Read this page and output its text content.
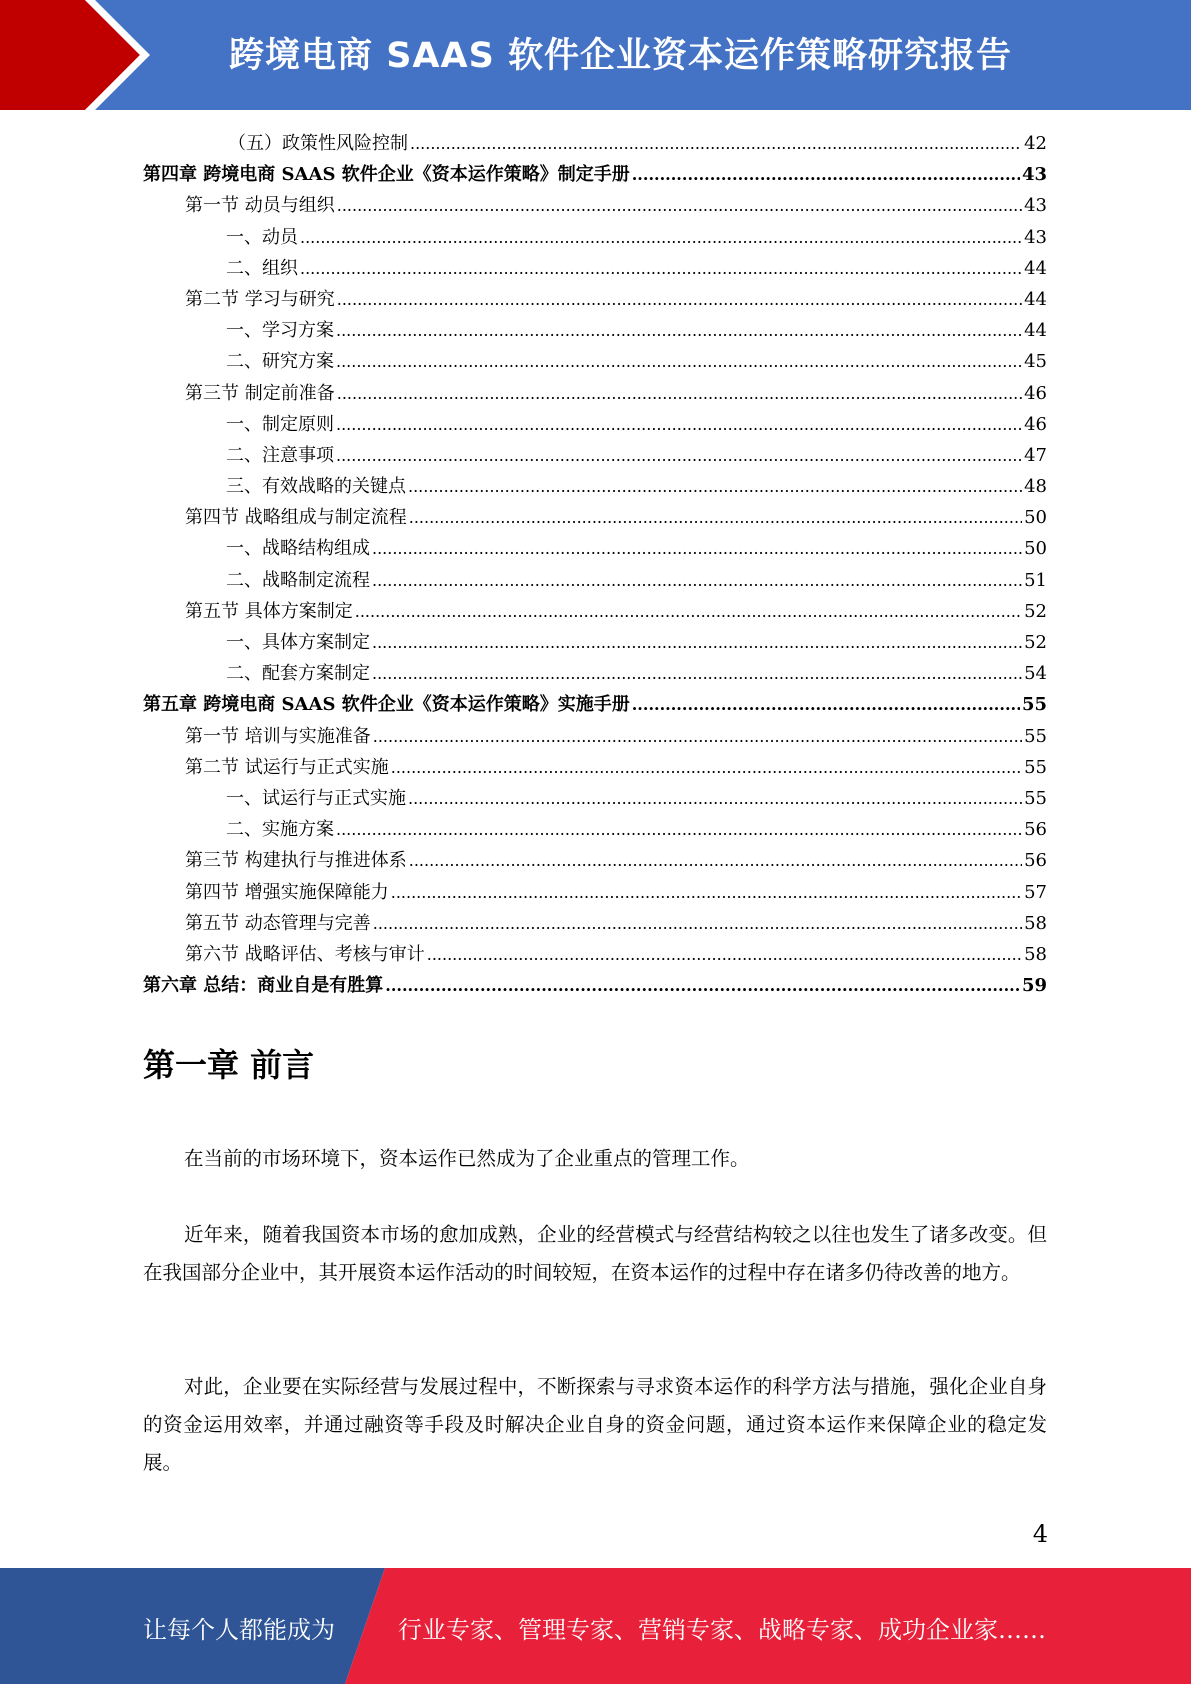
跨境电商 SAAS 软件企业资本运作策略研究报告
（五）政策性风险控制 .....	42
第四章 跨境电商 SAAS 软件企业《资本运作策略》制定手册 .....	43
第一节 动员与组织 .....	43
一、动员 .....	43
二、组织 .....	44
第二节 学习与研究 .....	44
一、学习方案 .....	44
二、研究方案 .....	45
第三节 制定前准备 .....	46
一、制定原则 .....	46
二、注意事项 .....	47
三、有效战略的关键点 .....	48
第四节 战略组成与制定流程 .....	50
一、战略结构组成 .....	50
二、战略制定流程 .....	51
第五节 具体方案制定 .....	52
一、具体方案制定 .....	52
二、配套方案制定 .....	54
第五章 跨境电商 SAAS 软件企业《资本运作策略》实施手册 .....	55
第一节 培训与实施准备 .....	55
第二节 试运行与正式实施 .....	55
一、试运行与正式实施 .....	55
二、实施方案 .....	56
第三节 构建执行与推进体系 .....	56
第四节 增强实施保障能力 .....	57
第五节 动态管理与完善 .....	58
第六节 战略评估、考核与审计 .....	58
第六章 总结：商业自是有胜算 .....	59
第一章 前言
在当前的市场环境下，资本运作已然成为了企业重点的管理工作。
近年来，随着我国资本市场的愈加成熟，企业的经营模式与经营结构较之以往也发生了诸多改变。但在我国部分企业中，其开展资本运作活动的时间较短，在资本运作的过程中存在诸多仍待改善的地方。
对此，企业要在实际经营与发展过程中，不断探索与寻求资本运作的科学方法与措施，强化企业自身的资金运用效率，并通过融资等手段及时解决企业自身的资金问题，通过资本运作来保障企业的稳定发展。
4
让每个人都能成为	行业专家、管理专家、营销专家、战略专家、成功企业家……
